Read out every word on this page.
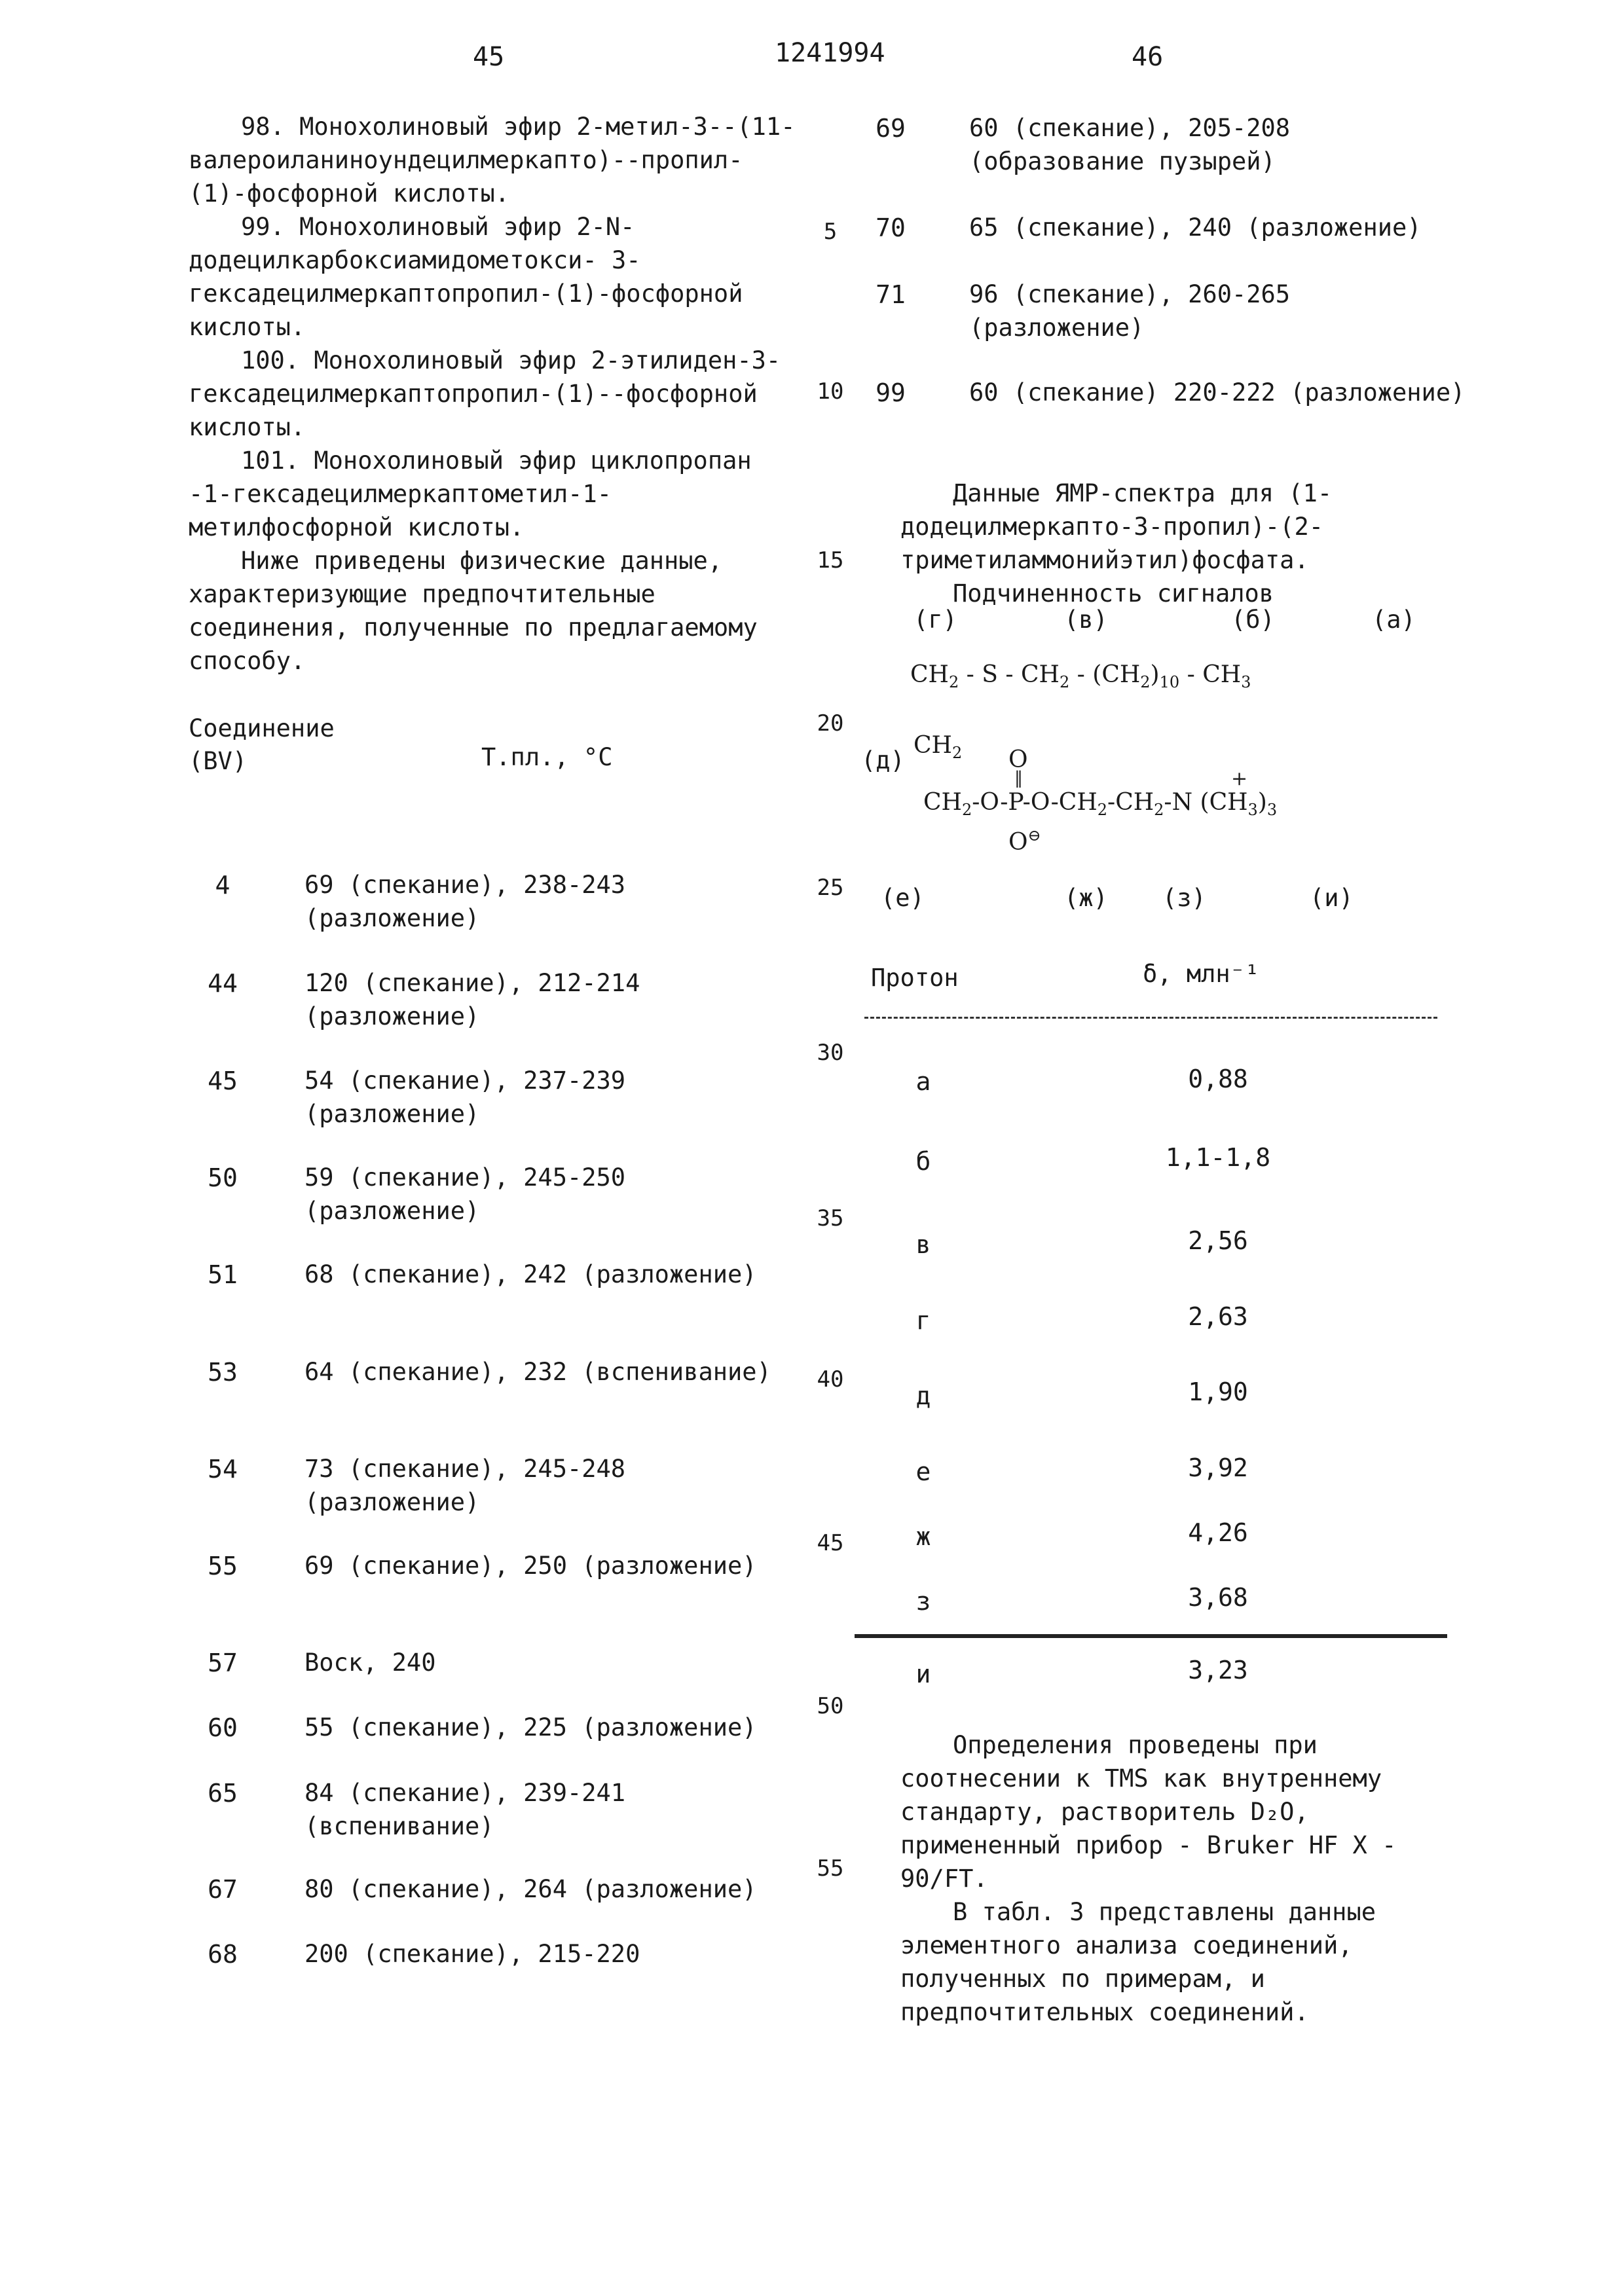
45	1241994	46

98. Монохолиновый эфир 2-метил-3--(11-валероиланиноундецилмеркапто)--пропил-(1)-фосфорной кислоты.

99. Монохолиновый эфир 2-N-додецилкарбоксиамидометокси- 3-гексадецилмеркаптопропил-(1)-фосфорной кислоты.

100. Монохолиновый эфир 2-этилиден-3-гексадецилмеркаптопропил-(1)--фосфорной кислоты.

101. Монохолиновый эфир циклопропан -1-гексадецилмеркаптометил-1-метилфосфорной кислоты.

Ниже приведены физические данные, характеризующие предпочтительные соединения, полученные по предлагаемому способу.

5
10
15
20
25
30
35
40
45
50
55
Соединение (BV)	Т.пл., °С
4	69 (спекание), 238-243 (разложение)
44	120 (спекание), 212-214 (разложение)
45	54 (спекание), 237-239 (разложение)
50	59 (спекание), 245-250 (разложение)
51	68 (спекание), 242 (разложение)
53	64 (спекание), 232 (вспенивание)
54	73 (спекание), 245-248 (разложение)
55	69 (спекание), 250 (разложение)
57	Воск, 240
60	55 (спекание), 225 (разложение)
65	84 (спекание), 239-241 (вспенивание)
67	80 (спекание), 264 (разложение)
68	200 (спекание), 215-220
69	60 (спекание), 205-208 (образование пузырей)
70	65 (спекание), 240 (разложение)
71	96 (спекание), 260-265 (разложение)
99	60 (спекание) 220-222 (разложение)

Данные ЯМР-спектра для (1-додецилмеркапто-3-пропил)-(2-триметиламмонийэтил)фосфата.

Подчиненность сигналов

(г)	(в)	(б)	(а)
$CH_2$ - S - $CH_2 - (CH_2)_{10} - CH_3$
(д)
$CH_2$ O
‖
$CH_2-O-P-O-CH_2-CH_2-N$ $(CH_3)_3$
+
O⊖
(е)	(ж) (з)	(и)
Протон	δ, млн⁻¹
а	0,88
б	1,1-1,8
в	2,56
г	2,63
д	1,90
е	3,92
ж	4,26
з	3,68
и	3,23

Определения проведены при соотнесении к TMS как внутреннему стандарту, растворитель D₂O, примененный прибор - Bruker HF X - 90/FT.

В табл. 3 представлены данные элементного анализа соединений, полученных по примерам, и предпочтительных соединений.
